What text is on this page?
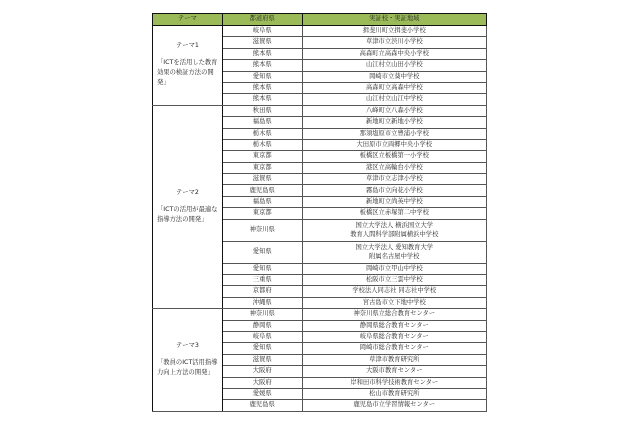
テーマ	都道府県	実証校・実証地域

テーマ1
「ICTを活用した教育効果の検証方法の開発」	岐阜県	揖斐川町立揖斐小学校
	滋賀県	草津市立渋川小学校
	熊本県	高森町立高森中央小学校
	熊本県	山江村立山田小学校
	愛知県	岡崎市立葵中学校
	熊本県	高森町立高森中学校
	熊本県	山江村立山江中学校

テーマ2
「ICTの活用が最適な指導方法の開発」	秋田県	八峰町立八森小学校
	福島県	新地町立新地小学校
	栃木県	那須塩原市立豊浦小学校
	栃木県	大田原市立両郷中央小学校
	東京都	板橋区立板橋第一小学校
	東京都	港区立高輪台小学校
	滋賀県	草津市立志津小学校
	鹿児島県	霧島市立向花小学校
	福島県	新地町立尚英中学校
	東京都	板橋区立赤塚第二中学校
	神奈川県	国立大学法人 横浜国立大学
教育人間科学部附属横浜中学校

	愛知県	国立大学法人 愛知教育大学
附属名古屋中学校

	愛知県	岡崎市立甲山中学校
	三重県	松阪市立三雲中学校
	京都府	学校法人同志社 同志社中学校
	沖縄県	宮古島市立下地中学校

テーマ3
「教員のICT活用指導力向上方法の開発」	神奈川県	神奈川県立総合教育センター
	静岡県	静岡県総合教育センター
	岐阜県	岐阜県総合教育センター
	愛知県	岡崎市総合教育センター
	滋賀県	草津市教育研究所
	大阪府	大阪市教育センター
	大阪府	岸和田市科学技術教育センター
	愛媛県	松山市教育研究所
	鹿児島県	鹿児島市立学習情報センター
